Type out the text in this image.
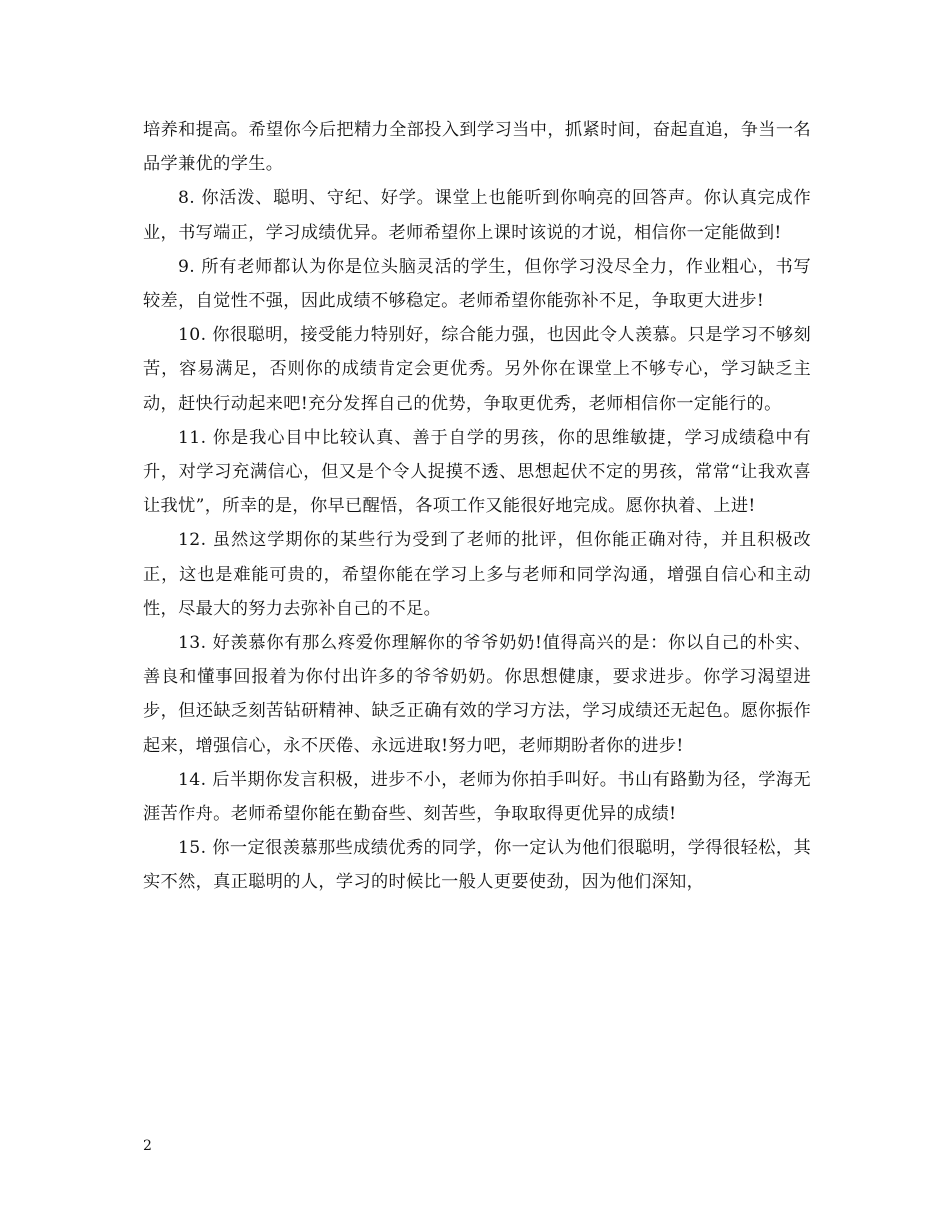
培养和提高。希望你今后把精力全部投入到学习当中，抓紧时间，奋起直追，争当一名品学兼优的学生。

8. 你活泼、聪明、守纪、好学。课堂上也能听到你响亮的回答声。你认真完成作业，书写端正，学习成绩优异。老师希望你上课时该说的才说，相信你一定能做到!

9. 所有老师都认为你是位头脑灵活的学生，但你学习没尽全力，作业粗心，书写较差，自觉性不强，因此成绩不够稳定。老师希望你能弥补不足，争取更大进步!

10. 你很聪明，接受能力特别好，综合能力强，也因此令人羡慕。只是学习不够刻苦，容易满足，否则你的成绩肯定会更优秀。另外你在课堂上不够专心，学习缺乏主动，赶快行动起来吧!充分发挥自己的优势，争取更优秀，老师相信你一定能行的。

11. 你是我心目中比较认真、善于自学的男孩，你的思维敏捷，学习成绩稳中有升，对学习充满信心，但又是个令人捉摸不透、思想起伏不定的男孩，常常“让我欢喜让我忧”，所幸的是，你早已醒悟，各项工作又能很好地完成。愿你执着、上进!

12. 虽然这学期你的某些行为受到了老师的批评，但你能正确对待，并且积极改正，这也是难能可贵的，希望你能在学习上多与老师和同学沟通，增强自信心和主动性，尽最大的努力去弥补自己的不足。

13. 好羡慕你有那么疼爱你理解你的爷爷奶奶!值得高兴的是：你以自己的朴实、善良和懂事回报着为你付出许多的爷爷奶奶。你思想健康，要求进步。你学习渴望进步，但还缺乏刻苦钻研精神、缺乏正确有效的学习方法，学习成绩还无起色。愿你振作起来，增强信心，永不厌倦、永远进取!努力吧，老师期盼者你的进步!

14. 后半期你发言积极，进步不小，老师为你拍手叫好。书山有路勤为径，学海无涯苦作舟。老师希望你能在勤奋些、刻苦些，争取取得更优异的成绩!

15. 你一定很羡慕那些成绩优秀的同学，你一定认为他们很聪明，学得很轻松，其实不然，真正聪明的人，学习的时候比一般人更要使劲，因为他们深知，

2
